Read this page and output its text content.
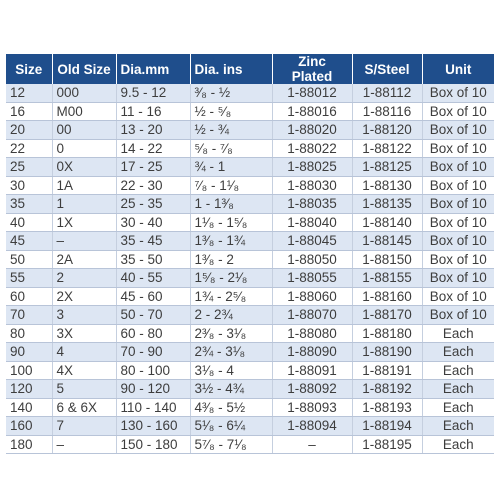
Size	Old Size	Dia.mm	Dia. ins	Zinc Plated	S/Steel	Unit
12	000	9.5 - 12	³⁄₈ - ½	1-88012	1-88112	Box of 10
16	M00	11 - 16	½ - ⁵⁄₈	1-88016	1-88116	Box of 10
20	00	13 - 20	½ - ¾	1-88020	1-88120	Box of 10
22	0	14 - 22	⁵⁄₈ - ⁷⁄₈	1-88022	1-88122	Box of 10
25	0X	17 - 25	¾ - 1	1-88025	1-88125	Box of 10
30	1A	22 - 30	⁷⁄₈ - 1¹⁄₈	1-88030	1-88130	Box of 10
35	1	25 - 35	1 - 1³⁄₈	1-88035	1-88135	Box of 10
40	1X	30 - 40	1¹⁄₈ - 1⁵⁄₈	1-88040	1-88140	Box of 10
45	–	35 - 45	1³⁄₈ - 1¾	1-88045	1-88145	Box of 10
50	2A	35 - 50	1³⁄₈ - 2	1-88050	1-88150	Box of 10
55	2	40 - 55	1⁵⁄₈ - 2¹⁄₈	1-88055	1-88155	Box of 10
60	2X	45 - 60	1¾ - 2⁵⁄₈	1-88060	1-88160	Box of 10
70	3	50 - 70	2 - 2¾	1-88070	1-88170	Box of 10
80	3X	60 - 80	2³⁄₈ - 3¹⁄₈	1-88080	1-88180	Each
90	4	70 - 90	2¾ - 3¹⁄₈	1-88090	1-88190	Each
100	4X	80 - 100	3¹⁄₈ - 4	1-88091	1-88191	Each
120	5	90 - 120	3½ - 4¾	1-88092	1-88192	Each
140	6 & 6X	110 - 140	4³⁄₈ - 5½	1-88093	1-88193	Each
160	7	130 - 160	5¹⁄₈ - 6¼	1-88094	1-88194	Each
180	–	150 - 180	5⁷⁄₈ - 7¹⁄₈	–	1-88195	Each
